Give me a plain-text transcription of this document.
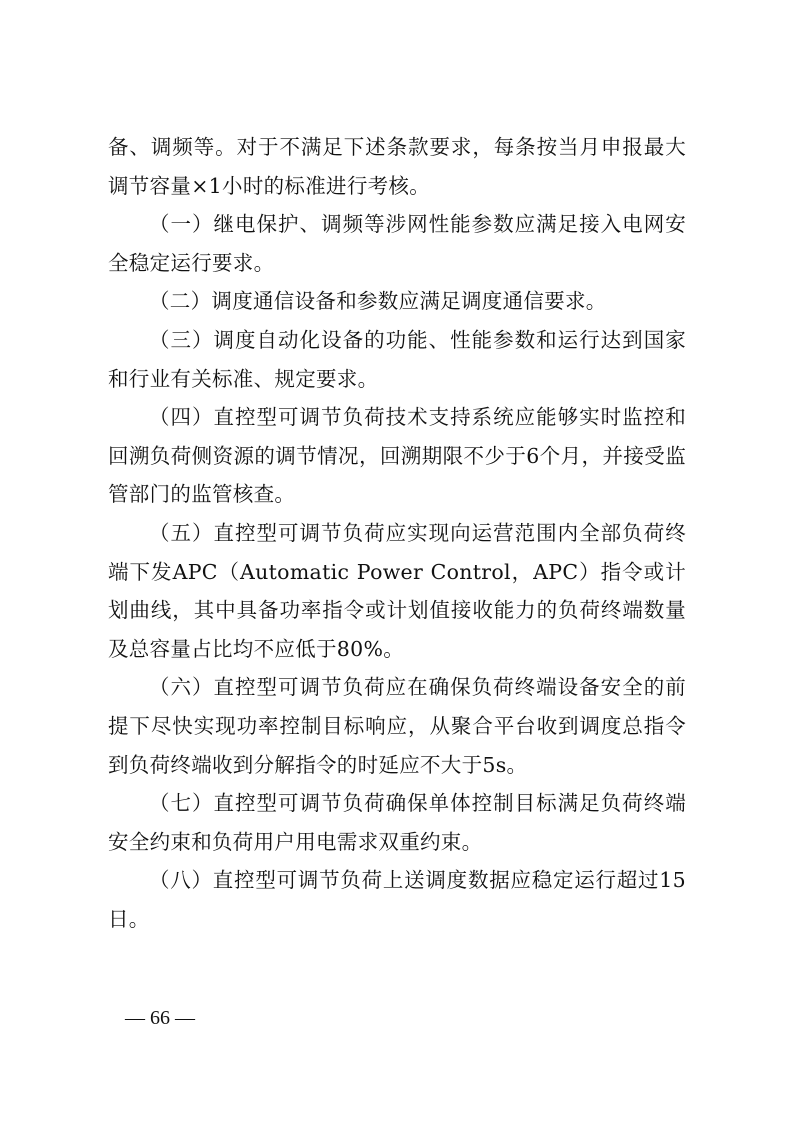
备、调频等。对于不满足下述条款要求，每条按当月申报最大调节容量×1小时的标准进行考核。

（一）继电保护、调频等涉网性能参数应满足接入电网安全稳定运行要求。

（二）调度通信设备和参数应满足调度通信要求。

（三）调度自动化设备的功能、性能参数和运行达到国家和行业有关标准、规定要求。

（四）直控型可调节负荷技术支持系统应能够实时监控和回溯负荷侧资源的调节情况，回溯期限不少于6个月，并接受监管部门的监管核查。

（五）直控型可调节负荷应实现向运营范围内全部负荷终端下发APC（Automatic Power Control，APC）指令或计划曲线，其中具备功率指令或计划值接收能力的负荷终端数量及总容量占比均不应低于80%。

（六）直控型可调节负荷应在确保负荷终端设备安全的前提下尽快实现功率控制目标响应，从聚合平台收到调度总指令到负荷终端收到分解指令的时延应不大于5s。

（七）直控型可调节负荷确保单体控制目标满足负荷终端安全约束和负荷用户用电需求双重约束。

（八）直控型可调节负荷上送调度数据应稳定运行超过15日。

— 66 —
